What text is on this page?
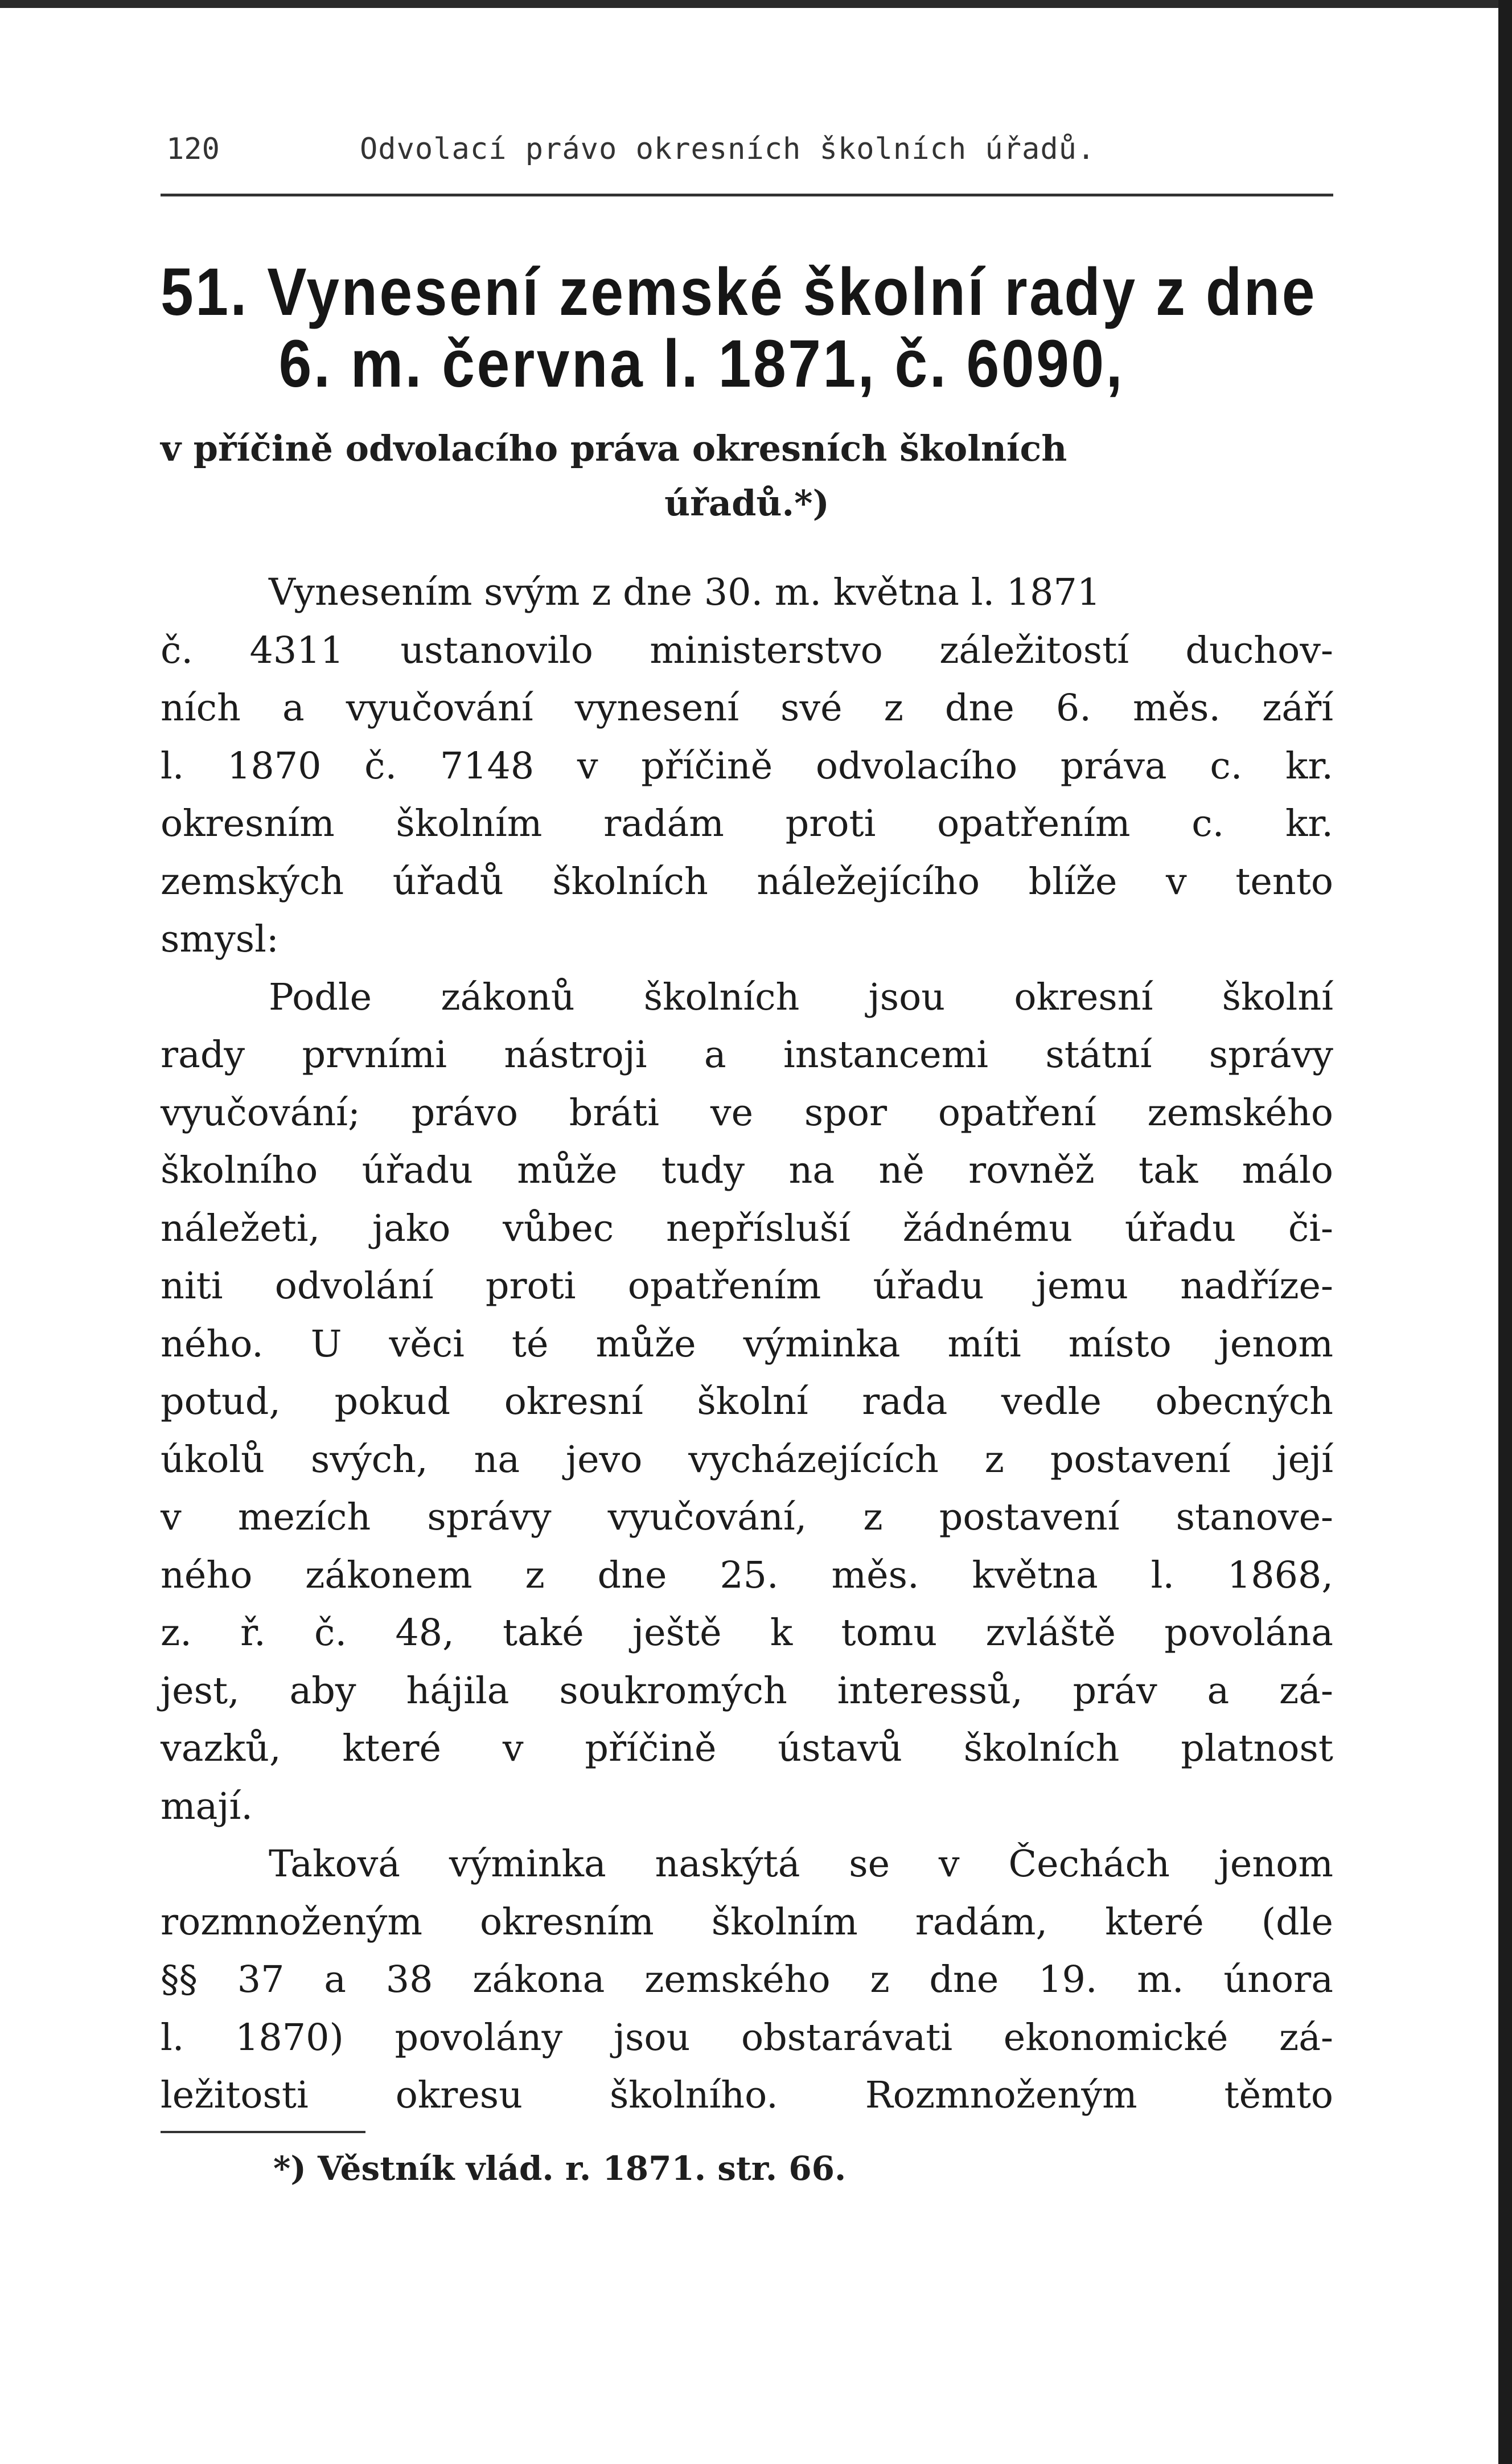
120	Odvolací právo okresních školních úřadů.
51. Vynesení zemské školní rady z dne
6. m. června l. 1871, č. 6090,
v příčině odvolacího práva okresních školních
úřadů.*)
Vynesením svým z dne 30. m. května l. 1871
č. 4311 ustanovilo ministerstvo záležitostí duchov-
ních a vyučování vynesení své z dne 6. měs. září
l. 1870 č. 7148 v příčině odvolacího práva c. kr.
okresním školním radám proti opatřením c. kr.
zemských úřadů školních náležejícího blíže v tento
smysl:
Podle zákonů školních jsou okresní školní
rady prvními nástroji a instancemi státní správy
vyučování; právo bráti ve spor opatření zemského
školního úřadu může tudy na ně rovněž tak málo
náležeti, jako vůbec nepřísluší žádnému úřadu či-
niti odvolání proti opatřením úřadu jemu nadříze-
ného. U věci té může výminka míti místo jenom
potud, pokud okresní školní rada vedle obecných
úkolů svých, na jevo vycházejících z postavení její
v mezích správy vyučování, z postavení stanove-
ného zákonem z dne 25. měs. května l. 1868,
z. ř. č. 48, také ještě k tomu zvláště povolána
jest, aby hájila soukromých interessů, práv a zá-
vazků, které v příčině ústavů školních platnost
mají.
Taková výminka naskýtá se v Čechách jenom
rozmnoženým okresním školním radám, které (dle
§§ 37 a 38 zákona zemského z dne 19. m. února
l. 1870) povolány jsou obstarávati ekonomické zá-
ležitosti okresu školního. Rozmnoženým těmto
*) Věstník vlád. r. 1871. str. 66.
